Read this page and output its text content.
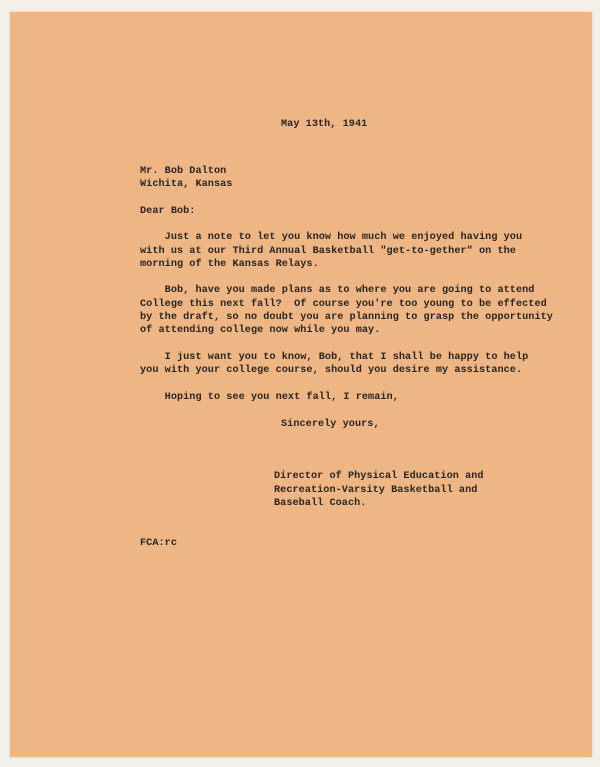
May 13th, 1941
Mr. Bob Dalton
Wichita, Kansas
Dear Bob:
Just a note to let you know how much we enjoyed having you
with us at our Third Annual Basketball "get-to-gether" on the
morning of the Kansas Relays.
Bob, have you made plans as to where you are going to attend
College this next fall?  Of course you're too young to be effected
by the draft, so no doubt you are planning to grasp the opportunity
of attending college now while you may.
I just want you to know, Bob, that I shall be happy to help
you with your college course, should you desire my assistance.
Hoping to see you next fall, I remain,
Sincerely yours,
Director of Physical Education and
Recreation-Varsity Basketball and
Baseball Coach.
FCA:rc
